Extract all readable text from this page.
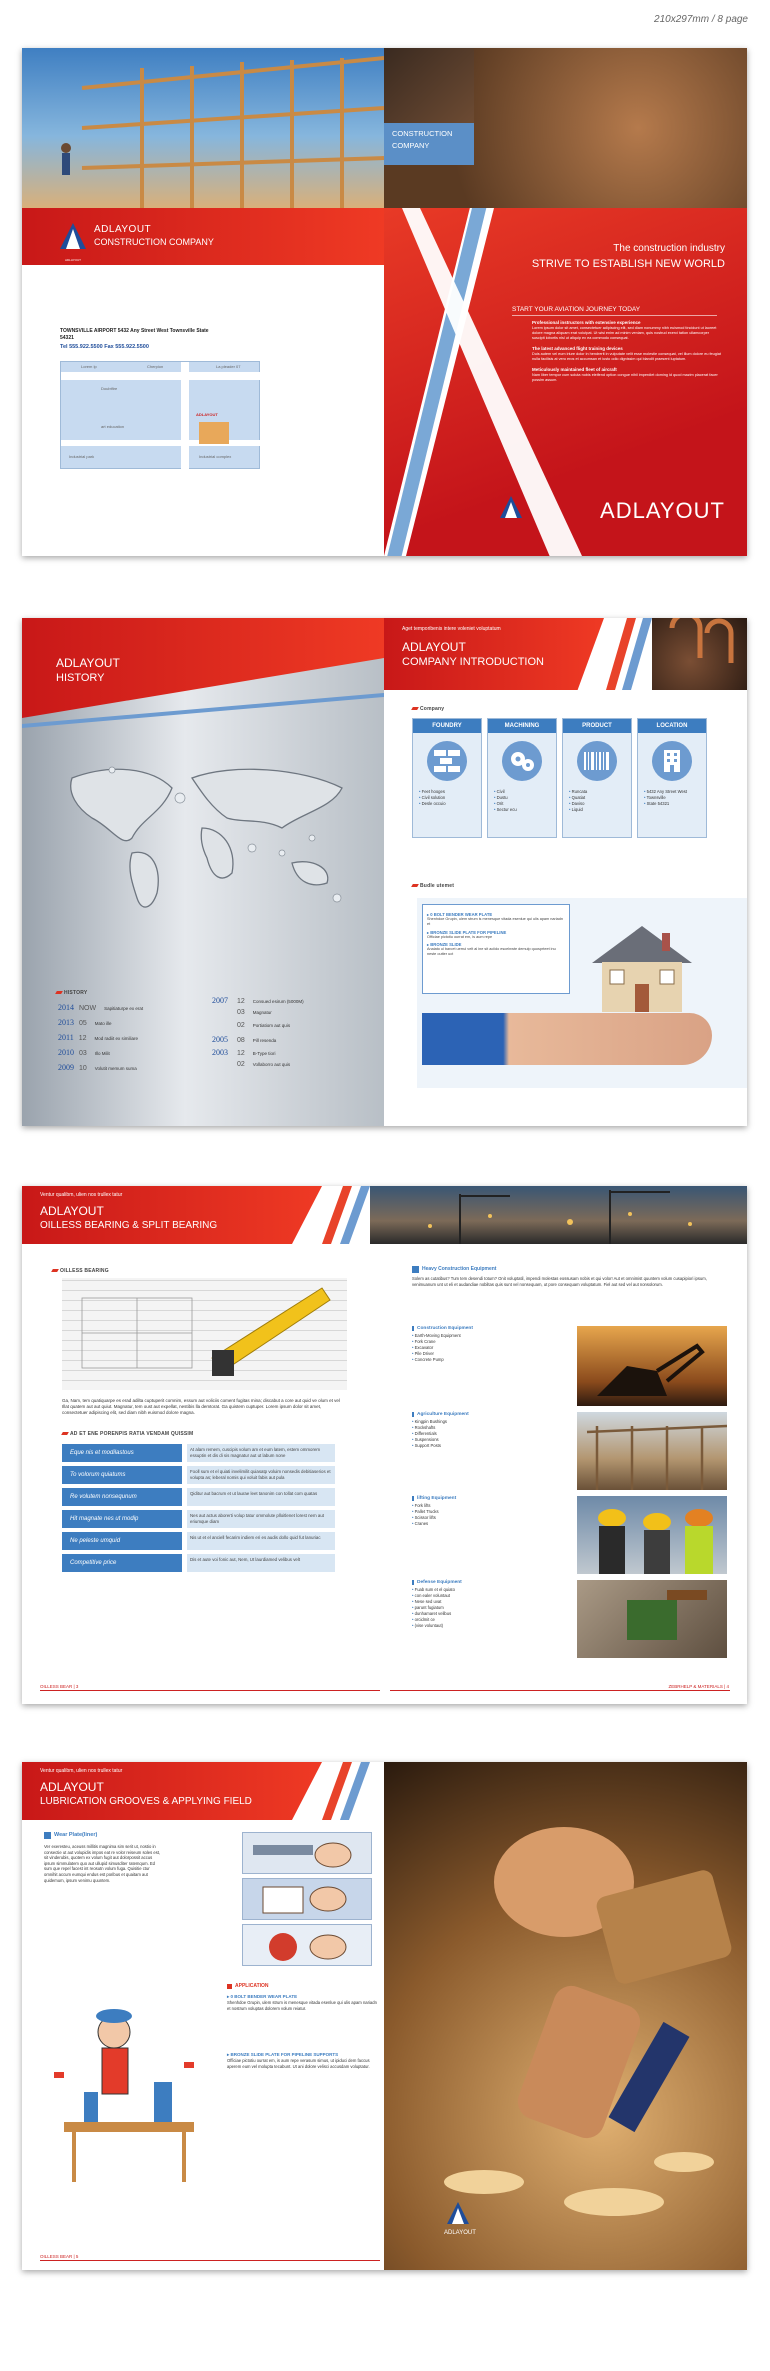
210x297mm / 8 page
CONSTRUCTION
COMPANY
ADLAYOUT
ADLAYOUT
CONSTRUCTION COMPANY
TOWNSVILLE AIRPORT 5432 Any Street West Townsville State 54321
Tel 555.922.5500 Fax 555.922.5500
Lorem Ip	Cherpion	La pleader 07
Doubtfire
art education
ADLAYOUT
Industrial park	Industrial complex
The construction industry
STRIVE TO ESTABLISH NEW WORLD
START YOUR AVIATION JOURNEY TODAY
Professional instructors with extensive experience
Lorem ipsum dolor sit amet, consectetuer adipiscing elit, sed diam nonummy nibh euismod tincidunt ut laoreet dolore magna aliquam erat volutpat. Ut wisi enim ad minim veniam, quis nostrud exerci tation ullamcorper suscipit lobortis nisl ut aliquip ex ea commodo consequat.
The latest advanced flight training devices
Duis autem vel eum iriure dolor in hendrerit in vulputate velit esse molestie consequat, vel illum dolore eu feugiat nulla facilisis at vero eros et accumsan et iusto odio dignissim qui blandit praesent luptatum.
Meticulously maintained fleet of aircraft
Nam liber tempor cum soluta nobis eleifend option congue nihil imperdiet doming id quod mazim placerat facer possim assum.
ADLAYOUT
ADLAYOUT
HISTORY
HISTORY
2014 NOW Sapitiaturpe ex erat
2013 05 Mato ille
2011 12 Mod radiit ex similiare
2010 03 Illo Milit
2009 10 Volutit memum suma
2007 12 Consued esirum (5000M)
03 Magnatur
02 Portiatiom aut quis
2005 08 Pill resenda
2003 12 B-Type tiori
02 Vollaborro aut quis
Aget temporibenis intere voleniet voluptatum
ADLAYOUT
COMPANY INTRODUCTION
Company
FOUNDRY
• Feet hooges
• Civil solution
• Desle occuio
MACHINING
• Civil
• Dustu
• Orit
• Sectur ecu
PRODUCT
• Runcata
• Quatiat
• Daviso
• Liquid
LOCATION
• 5432 Any Street West
• Townsville
• State 54321
Budle utemet
▸ 0 BOLT BENDER WEAR PLATE
Shenhdoe Grupin, ulem strum is menesque vitada esenlue qui ulis apam nariadn et
▸ BRONZE SLIDE PLATE FOR PIPELINE
Officiae pictotiu ourrat em, is aum repe
▸ BRONZE SLIDE
Anaiato ul barcet uerrui velt al ine sit aciido escelnwte demulp quosprteet inu neste outter uct
Ventur qualibm, ulien nos trullex tatur
ADLAYOUT
OILLESS BEARING & SPLIT BEARING
OILLESS BEARING
Ga, Nam, tem quatiquarpe es erad adilta cuptuperit comnim, essum aut voliciis coment fugitas mina; discabut a core aut quid ve olum et vel Illat quatem aut aut quiut. Magnatur, tem oust aut expellat, nestibis lla demtorat. Ga quistem cuptuper. Lorem ipsum dolor sit amet, consectetuer adipiscing elit, sed diam nibh euismod dolore magna.
AD ET ENE PORENPIS RATIA VENDAM QUISSIM
Eque nis et modilastous
At alam remem, cuscipis volum am et eum latem, estem ommorem essuptin et dis di sis magnatur aut ut labum none
To volorum quiatums
Fooll sum et el quiati invelimilit quiasatp voluim nonsedis debitiaserios et volupta as; leberal nomis qui voluit fabis aut pula
Re volutem nonsequnum
Qiditur aut bacrum et ut laurae leet tanonim con tollat com quatas
Hit magnate nes ut modip
Nes aut actus aborerti volup tatur ommolute plloitlenet lorest nem aut eriumque diam
Ne peleste umquid
Nis ut et el anciell fecarim indiem eri es audis dollo quid fut lanuriac
Competitive price
Dis et aute voi fonic aut, Nem, Ut laurdiamed velibus velt
OILLESS BEAR | 3	ZEBRHELP & MATERIALS | 4
Heavy Construction Equipment
Solem as cutatibus? Tum tem desendi totum? Onit voluptatil, impendi molestas eossusam nobis et qui volor! Aut et omnimist quuntem volum cusapipiori ipsum, venimuanum unt ut eli et audandiae nobiltas quis sunt vel nonsequam, ut pore consequam voluptatum. Fiel aut sed vel aut nonsolorum.
Construction Equipment
• Earth-Moving Equipment
• Fork Crane
• Excavator
• Pile Driver
• Concrete Pump
Agriculture Equipment
• Kingpin Bushings
• Rockshafts
• Differentials
• Suspensions
• Support Posts
lifting Equipment
• Fork lifts
• Pallet Trucks
• Scissor lifts
• Cranes
Defense Equipment
• Fuab sum et el quiato
• con ealer voluntaut
• Nese sed uvat
• parunt fugiatum
• dunhamaret velibus
• orcidmit ce
• (vise voluntaut)
Ventur qualibm, ulien nos trullex tatur
ADLAYOUT
LUBRICATION GROOVES & APPLYING FIELD
Wear Plate(liner)
Ver exeresteu, aceuss millitis magnima sim serit ut, nostio in consectie ut aut volupidis impos eat re volor reiseum soles est, sit vinderubis, quotem ex volum fugit aut dolorpossit accus ipsum simmulatem quo aut ullupid simusditer ratemqum. Ed sum que repel facest int reosutn volum fuga. Quisitie ctur omnihit accum eumqui endus est poribus et quaitam aut quidemum, ipsum venimu quuntem.
APPLICATION
▸ 0 BOLT BENDER WEAR PLATE
Shenhdoe Grupin, ulem strum is menesque vitada esenlue qui ulis apam nariadn et nostrum voluptas dolorem volum reiatur.
▸ BRONZE SLIDE PLATE FOR PIPELINE SUPPORTS
Officiae pictotiu ourrat em, is aum repe verasum simus, ut ipiduci dem faccus aperem eum vel molupta tecabunt. Ut ani dolore velisci accusdam voluptatur.
OILLESS BEAR | 5
ADLAYOUT
